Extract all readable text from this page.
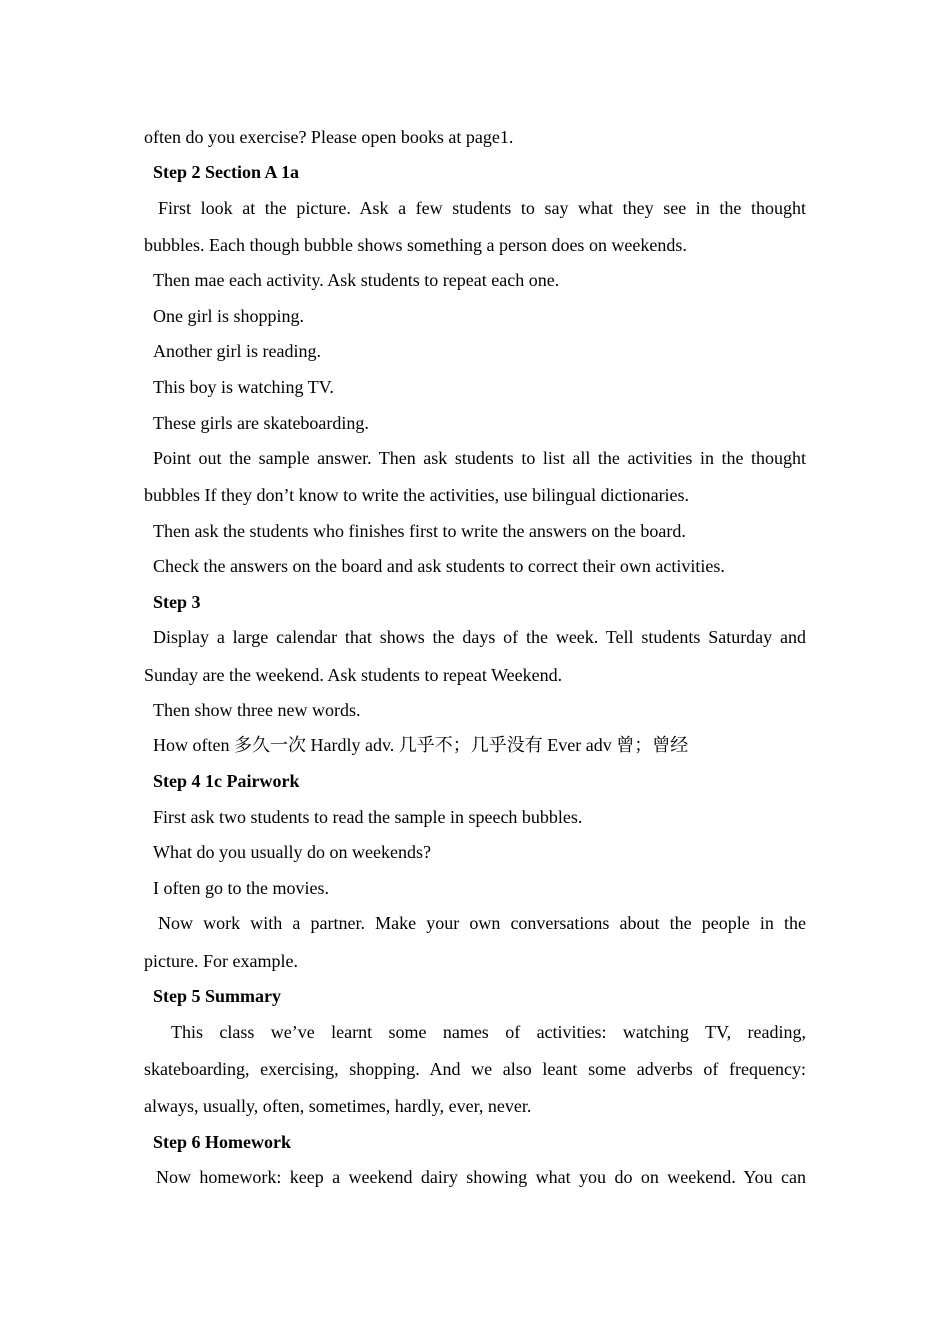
often do you exercise? Please open books at page1.
Step 2 Section A 1a
First look at the picture. Ask a few students to say what they see in the thought
bubbles. Each though bubble shows something a person does on weekends.
Then mae each activity. Ask students to repeat each one.
One girl is shopping.
Another girl is reading.
This boy is watching TV.
These girls are skateboarding.
Point out the sample answer. Then ask students to list all the activities in the thought
bubbles If they don’t know to write the activities, use bilingual dictionaries.
Then ask the students who finishes first to write the answers on the board.
Check the answers on the board and ask students to correct their own activities.
Step 3
Display a large calendar that shows the days of the week. Tell students Saturday and
Sunday are the weekend. Ask students to repeat Weekend.
Then show three new words.
How often 多久一次 Hardly adv. 几乎不；几乎没有 Ever adv 曾；曾经
Step 4 1c Pairwork
First ask two students to read the sample in speech bubbles.
What do you usually do on weekends?
I often go to the movies.
Now work with a partner. Make your own conversations about the people in the
picture. For example.
Step 5 Summary
This class we’ve learnt some names of activities: watching TV, reading,
skateboarding, exercising, shopping. And we also leant some adverbs of frequency:
always, usually, often, sometimes, hardly, ever, never.
Step 6 Homework
Now homework: keep a weekend dairy showing what you do on weekend. You can
